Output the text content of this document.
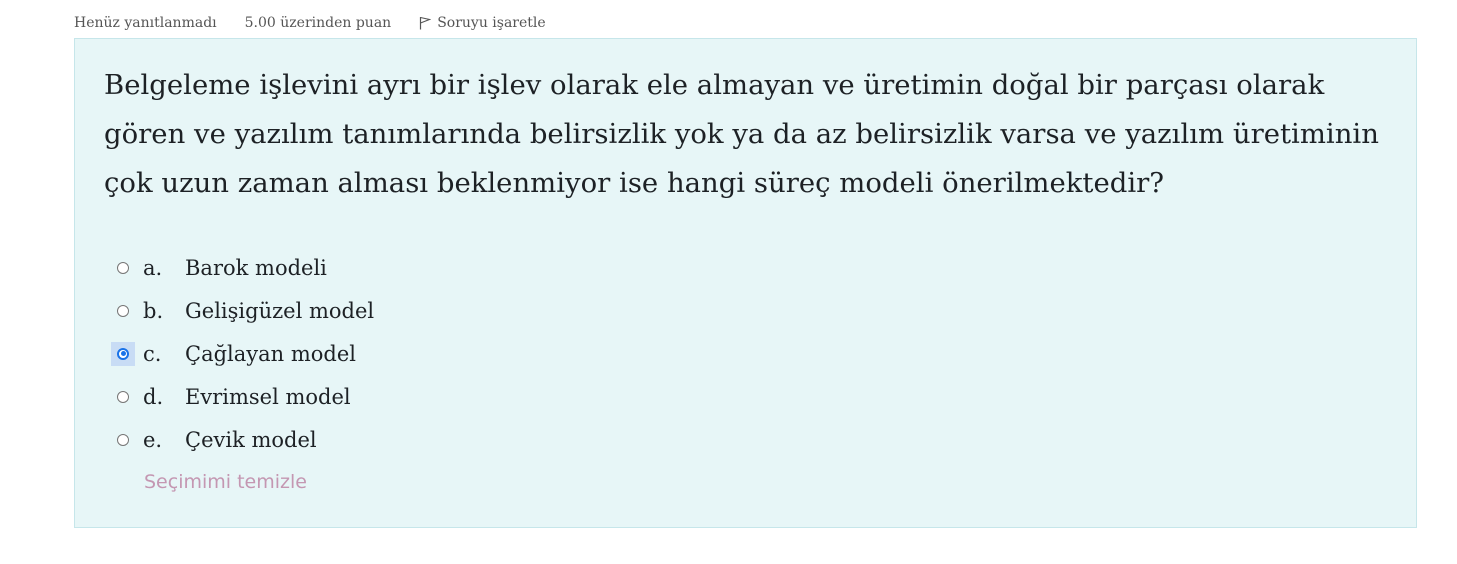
Henüz yanıtlanmadı 5.00 üzerinden puan	Soruyu işaretle

Belgeleme işlevini ayrı bir işlev olarak ele almayan ve üretimin doğal bir parçası olarak gören ve yazılım tanımlarında belirsizlik yok ya da az belirsizlik varsa ve yazılım üretiminin çok uzun zaman alması beklenmiyor ise hangi süreç modeli önerilmektedir?

a.	Barok modeli
b.	Gelişigüzel model
c.	Çağlayan model
d.	Evrimsel model
e.	Çevik model
Seçimimi temizle
